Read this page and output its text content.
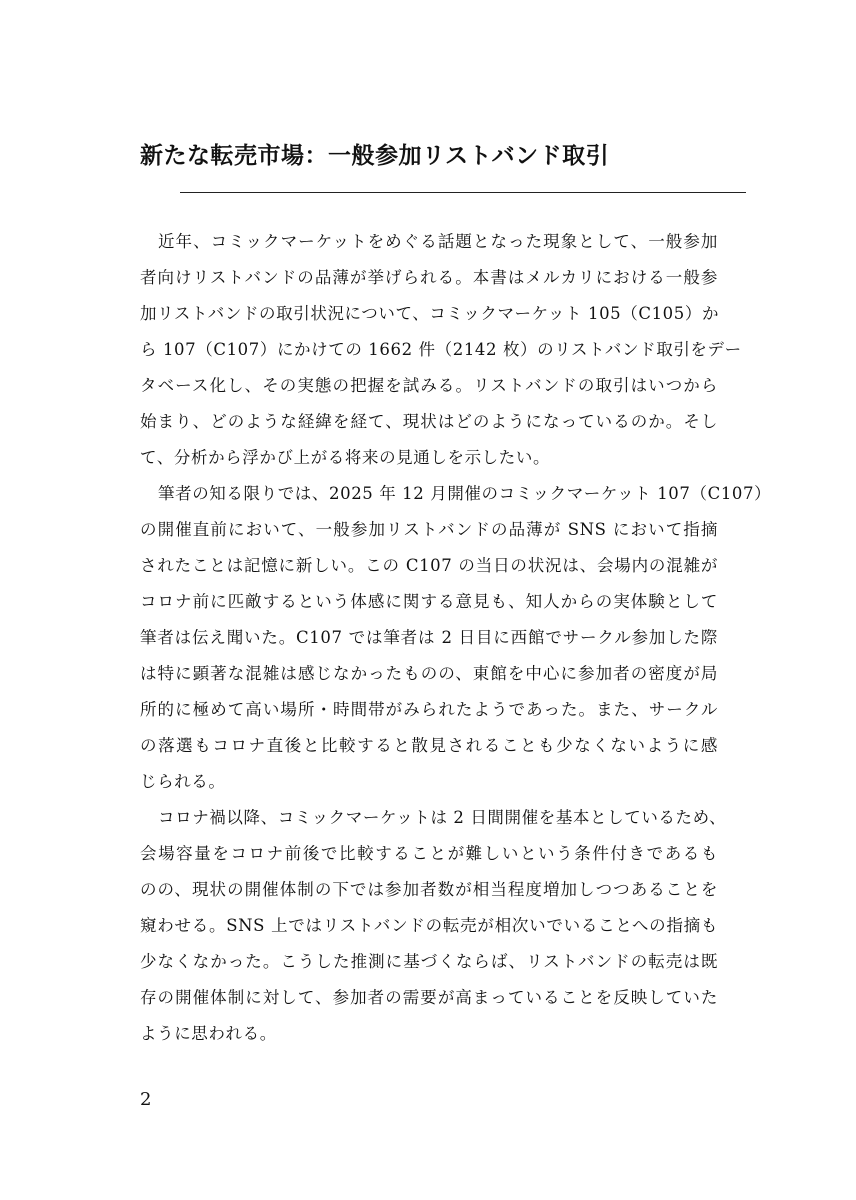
新たな転売市場：一般参加リストバンド取引
近年、コミックマーケットをめぐる話題となった現象として、一般参加
者向けリストバンドの品薄が挙げられる。本書はメルカリにおける一般参
加リストバンドの取引状況について、コミックマーケット 105（C105）か
ら 107（C107）にかけての 1662 件（2142 枚）のリストバンド取引をデー
タベース化し、その実態の把握を試みる。リストバンドの取引はいつから
始まり、どのような経緯を経て、現状はどのようになっているのか。そし
て、分析から浮かび上がる将来の見通しを示したい。
筆者の知る限りでは、2025 年 12 月開催のコミックマーケット 107（C107）
の開催直前において、一般参加リストバンドの品薄が SNS において指摘
されたことは記憶に新しい。この C107 の当日の状況は、会場内の混雑が
コロナ前に匹敵するという体感に関する意見も、知人からの実体験として
筆者は伝え聞いた。C107 では筆者は 2 日目に西館でサークル参加した際
は特に顕著な混雑は感じなかったものの、東館を中心に参加者の密度が局
所的に極めて高い場所・時間帯がみられたようであった。また、サークル
の落選もコロナ直後と比較すると散見されることも少なくないように感
じられる。
コロナ禍以降、コミックマーケットは 2 日間開催を基本としているため、
会場容量をコロナ前後で比較することが難しいという条件付きであるも
のの、現状の開催体制の下では参加者数が相当程度増加しつつあることを
窺わせる。SNS 上ではリストバンドの転売が相次いでいることへの指摘も
少なくなかった。こうした推測に基づくならば、リストバンドの転売は既
存の開催体制に対して、参加者の需要が高まっていることを反映していた
ように思われる。
2
